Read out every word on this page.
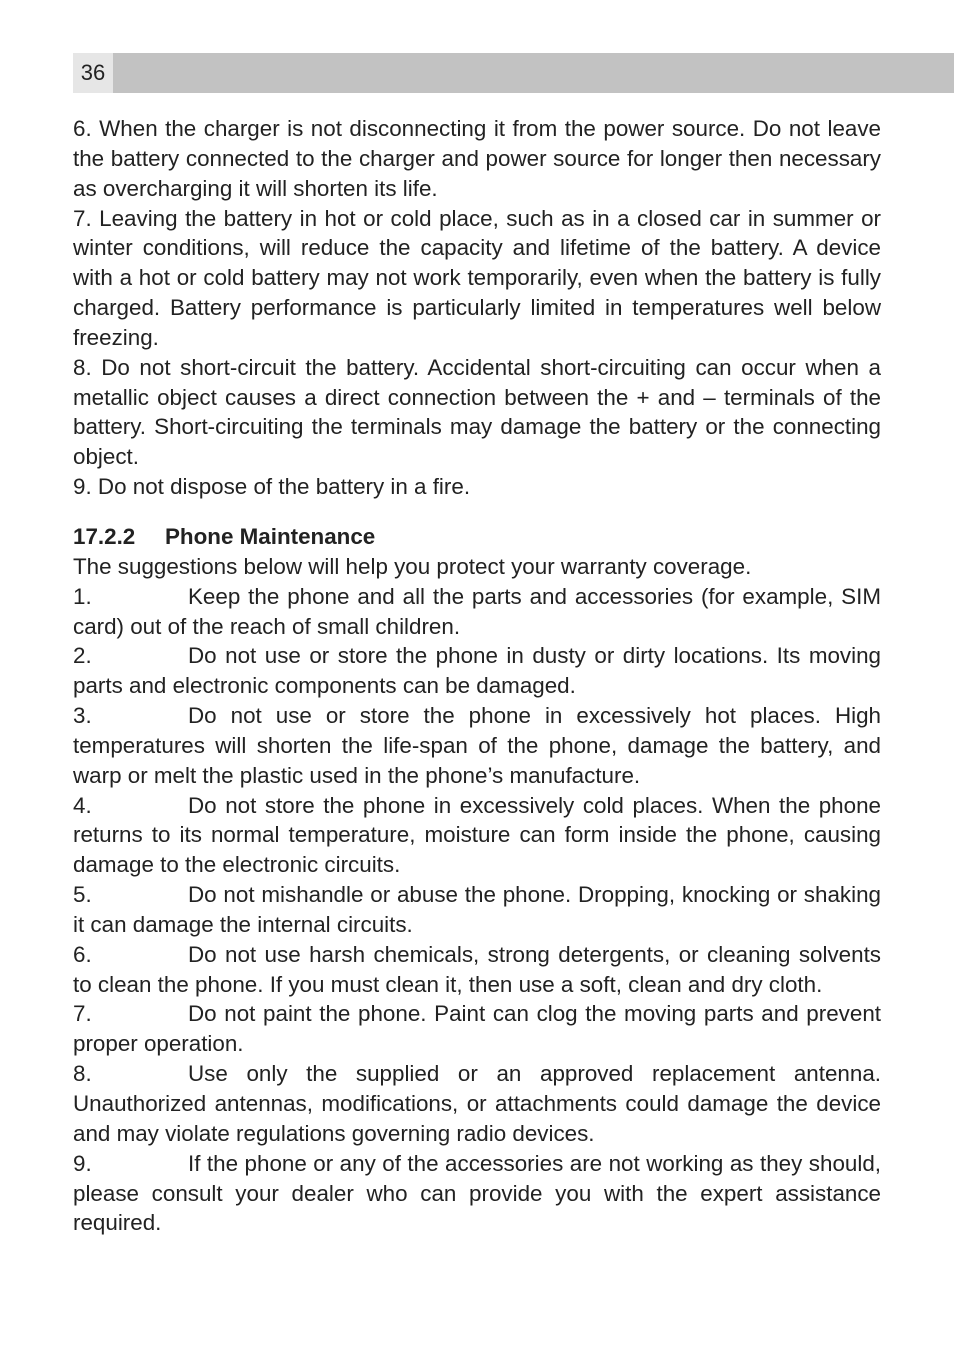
36

6. When the charger is not disconnecting it from the power source. Do not leave the battery connected to the charger and power source for longer then necessary as overcharging it will shorten its life.

7. Leaving the battery in hot or cold place, such as in a closed car in summer or winter conditions, will reduce the capacity and lifetime of the battery. A device with a hot or cold battery may not work temporarily, even when the battery is fully charged. Battery performance is particularly limited in temperatures well below freezing.

8. Do not short-circuit the battery. Accidental short-circuiting can occur when a metallic object causes a direct connection between the + and – terminals of the battery. Short-circuiting the terminals may damage the battery or the connecting object.

9. Do not dispose of the battery in a fire.

17.2.2 Phone Maintenance

The suggestions below will help you protect your warranty coverage.

1.	Keep the phone and all the parts and accessories (for example, SIM card) out of the reach of small children.

2.	Do not use or store the phone in dusty or dirty locations. Its moving parts and electronic components can be damaged.

3.	Do not use or store the phone in excessively hot places. High temperatures will shorten the life-span of the phone, damage the battery, and warp or melt the plastic used in the phone’s manufacture.

4.	Do not store the phone in excessively cold places. When the phone returns to its normal temperature, moisture can form inside the phone, causing damage to the electronic circuits.

5.	Do not mishandle or abuse the phone. Dropping, knocking or shaking it can damage the internal circuits.

6.	Do not use harsh chemicals, strong detergents, or cleaning solvents to clean the phone. If you must clean it, then use a soft, clean and dry cloth.

7.	Do not paint the phone. Paint can clog the moving parts and prevent proper operation.

8.	Use only the supplied or an approved replacement antenna. Unauthorized antennas, modifications, or attachments could damage the device and may violate regulations governing radio devices.

9.	If the phone or any of the accessories are not working as they should, please consult your dealer who can provide you with the expert assistance required.
